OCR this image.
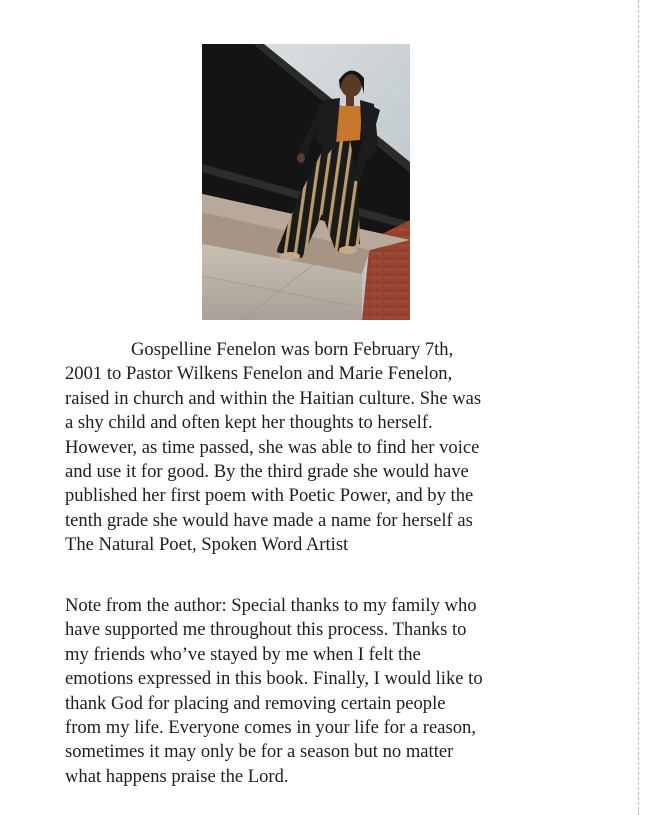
Gospelline Fenelon was born February 7th,
2001 to Pastor Wilkens Fenelon and Marie Fenelon,
raised in church and within the Haitian culture. She was
a shy child and often kept her thoughts to herself.
However, as time passed, she was able to find her voice
and use it for good. By the third grade she would have
published her first poem with Poetic Power, and by the
tenth grade she would have made a name for herself as
The Natural Poet, Spoken Word Artist

Note from the author: Special thanks to my family who
have supported me throughout this process. Thanks to
my friends who’ve stayed by me when I felt the
emotions expressed in this book. Finally, I would like to
thank God for placing and removing certain people
from my life. Everyone comes in your life for a reason,
sometimes it may only be for a season but no matter
what happens praise the Lord.
